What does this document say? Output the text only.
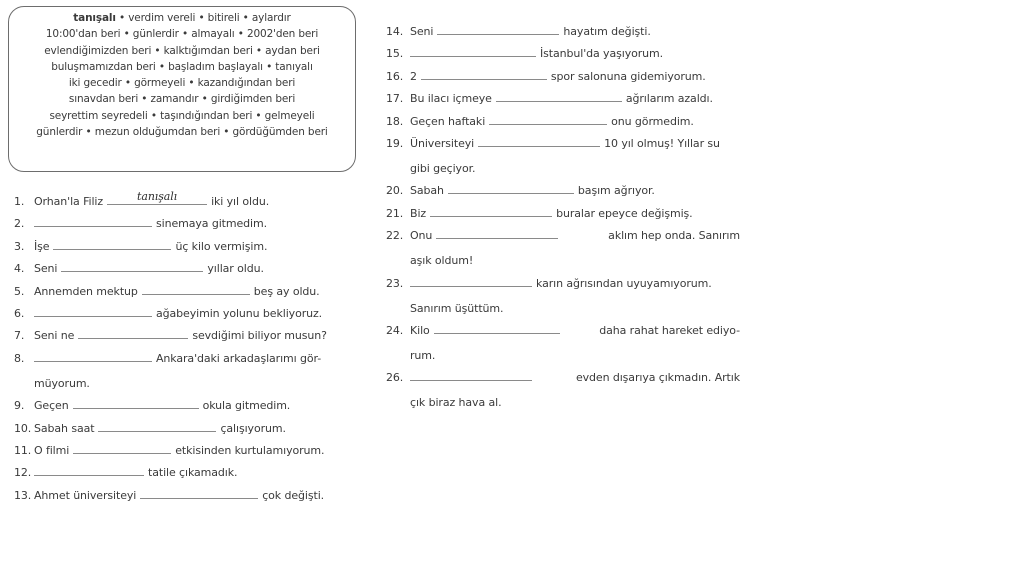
tanışalı • verdim vereli • bitireli • aylardır
10:00'dan beri • günlerdir • almayalı • 2002'den beri
evlendiğimizden beri • kalktığımdan beri • aydan beri
buluşmamızdan beri • başladım başlayalı • tanıyalı
iki gecedir • görmeyeli • kazandığından beri
sınavdan beri • zamandır • girdiğimden beri
seyrettim seyredeli • taşındığından beri • gelmeyeli
günlerdir • mezun olduğumdan beri • gördüğümden beri
1. Orhan'la Filiz	tanışalı	iki yıl oldu.
2.	sinemaya gitmedim.
3. İşe	üç kilo vermişim.
4. Seni	yıllar oldu.
5. Annemden mektup	beş ay oldu.
6.	ağabeyimin yolunu bekliyoruz.
7. Seni ne	sevdiğimi biliyor musun?
8.	Ankara'daki arkadaşlarımı gör-
müyorum.
9. Geçen	okula gitmedim.
10. Sabah saat	çalışıyorum.
11. O filmi	etkisinden kurtulamıyorum.
12.	tatile çıkamadık.
13. Ahmet üniversiteyi	çok değişti.
14. Seni	hayatım değişti.
15.	İstanbul'da yaşıyorum.
16. 2	spor salonuna gidemiyorum.
17. Bu ilacı içmeye	ağrılarım azaldı.
18. Geçen haftaki	onu görmedim.
19. Üniversiteyi	10 yıl olmuş! Yıllar su
gibi geçiyor.
20. Sabah	başım ağrıyor.
21. Biz	buralar epeyce değişmiş.
22. Onu	aklım hep onda. Sanırım
aşık oldum!
23.	karın ağrısından uyuyamıyorum.
Sanırım üşüttüm.
24. Kilo	daha rahat hareket ediyo-
rum.
26.	evden dışarıya çıkmadın. Artık
çık biraz hava al.
